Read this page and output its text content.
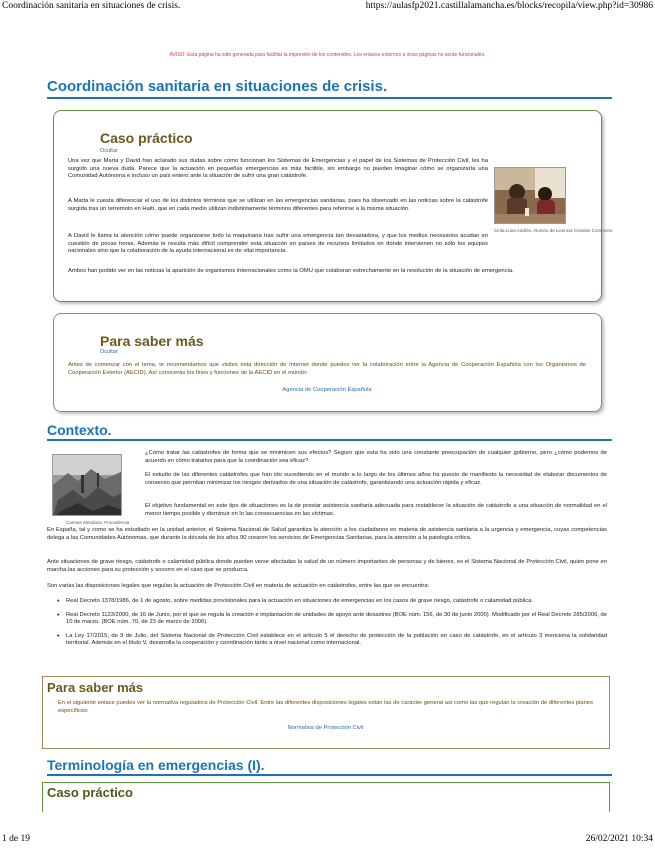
Coordinación sanitaria en situaciones de crisis.	https://aulasfp2021.castillalamancha.es/blocks/recopila/view.php?id=30986
AVISO: Esta página ha sido generada para facilitar la impresión de los contenidos. Los enlaces externos a otras páginas no serán funcionales.
Coordinación sanitaria en situaciones de crisis.
Caso práctico
Ocultar
Una vez que Marta y David han aclarado sus dudas sobre cómo funcionan los Sistemas de Emergencias y el papel de los Sistemas de Protección Civil, les ha surgido una nueva duda. Parece que la actuación en pequeñas emergencias es más factible, sin embargo no pueden imaginar cómo se organizaría una Comunidad Autónoma e incluso un país entero ante la situación de sufrir una gran catástrofe.
A Marta le cuesta diferenciar el uso de los distintos términos que se utilizan en las emergencias sanitarias, pues ha observado en las noticias sobre la catástrofe surgida tras un terremoto en Haití, que en cada medio utilizan indistintamente términos diferentes para referirse a la misma situación.
A David le llama la atención cómo puede organizarse todo la maquinaria tras sufrir una emergencia tan devastadora, y que los medios necesarios acudan en cuestión de pocas horas. Además le resulta más difícil comprender esta situación en países de recursos limitados en donde intervienen no sólo los equipos nacionales sino que la colaboración de la ayuda internacional es de vital importancia.
Ambos han podido ver en las noticias la aparición de organismos internacionales como la OMU que colaboran estrechamente en la resolución de la situación de emergencia.
Cinta Luna Andrés. Alumno de Licencia Creative Commons
Para saber más
Ocultar
Antes de comenzar con el tema, te recomendamos que visites esta dirección de Internet donde puedes ver la colaboración entre la Agencia de Cooperación Española con los Organismos de Cooperación Exterior (AECID). Así conocerás los fines y funciones de la AECID en el mundo:
Agencia de Cooperación Española
Contexto.
Carmen Mendoza. Procedencia
¿Cómo tratar las catástrofes de forma que se minimicen sus efectos? Seguro que esta ha sido una constante preocupación de cualquier gobierno, pero ¿cómo podemos de acuerdo en cómo tratarlos para que la coordinación sea eficaz?
El estudio de las diferentes catástrofes que han ido sucediendo en el mundo a lo largo de los últimos años ha puesto de manifiesto la necesidad de elaborar documentos de consenso que permitan minimizar los riesgos derivados de una situación de catástrofe, garantizando una actuación rápida y eficaz.
El objetivo fundamental en este tipo de situaciones es la de prestar asistencia sanitaria adecuada para restablecer la situación de catástrofe a una situación de normalidad en el menor tiempo posible y disminuir en lo las consecuencias en las víctimas.
En España, tal y como se ha estudiado en la unidad anterior, el Sistema Nacional de Salud garantiza la atención a los ciudadanos en materia de asistencia sanitaria a la urgencia y emergencia, cuyas competencias delega a las Comunidades Autónomas, que durante la década de los años 90 crearon los servicios de Emergencias Sanitarias, para la atención a la patología crítica.
Ante situaciones de grave riesgo, catástrofe o calamidad pública donde pueden verse afectadas la salud de un número importantes de personas y de bienes, es el Sistema Nacional de Protección Civil, quien pone en marcha las acciones para su protección y socorro en el caso que se produzca.
Son varias las disposiciones legales que regulan la actuación de Protección Civil en materia de actuación en catástrofes, entre las que se encuentra:
• Real Decreto 1378/1986, de 1 de agosto, sobre medidas provisionales para la actuación en situaciones de emergencias en los casos de grave riesgo, catástrofe o calamidad pública.
• Real Decreto 1123/2000, de 16 de Junio, por el que se regula la creación e implantación de unidades de apoyo ante desastres (BOE núm. 156, de 30 de junio 2000). Modificado por el Real Decreto 285/2006, de 10 de marzo. (BOE núm. 70, de 23 de marzo de 2006).
• La Ley 17/2015, de 9 de Julio, del Sistema Nacional de Protección Civil establece en el artículo 5 el derecho de protección de la población en caso de catástrofe, en el artículo 3 menciona la solidaridad territorial. Además en el título V, desarrolla la cooperación y coordinación tanto a nivel nacional como internacional.
Para saber más
En el siguiente enlace puedes ver la normativa reguladora de Protección Civil. Entre las diferentes disposiciones legales están las de carácter general así como las que regulan la creación de diferentes planes específicos:
Normativa de Protección Civil
Terminología en emergencias (I).
Caso práctico
1 de 19	26/02/2021 10:34
